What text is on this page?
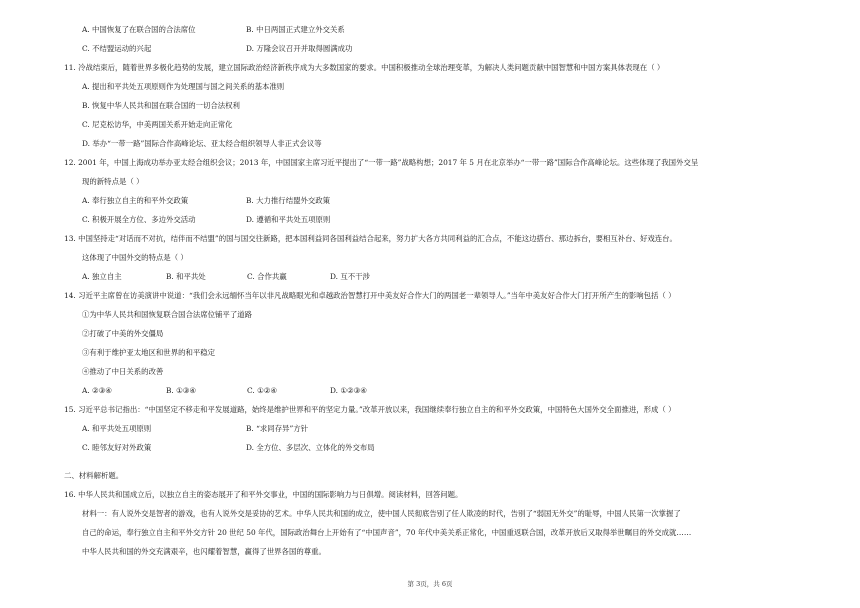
A. 中国恢复了在联合国的合法席位	B. 中日两国正式建立外交关系
C. 不结盟运动的兴起	D. 万隆会议召开并取得圆满成功
11. 冷战结束后，随着世界多极化趋势的发展，建立国际政治经济新秩序成为大多数国家的要求。中国积极推动全球治理变革，为解决人类问题贡献中国智慧和中国方案具体表现在（ ）
A. 提出和平共处五项原则作为处理国与国之间关系的基本准则
B. 恢复中华人民共和国在联合国的一切合法权利
C. 尼克松访华，中美两国关系开始走向正常化
D. 举办“一带一路”国际合作高峰论坛、亚太经合组织领导人非正式会议等
12. 2001 年，中国上海成功举办亚太经合组织会议；2013 年，中国国家主席习近平提出了“一带一路”战略构想；2017 年 5 月在北京举办“一带一路”国际合作高峰论坛。这些体现了我国外交呈
现的新特点是（ ）
A. 奉行独立自主的和平外交政策	B. 大力推行结盟外交政策
C. 积极开展全方位、多边外交活动	D. 遵循和平共处五项原则
13. 中国坚持走“对话而不对抗，结伴而不结盟”的国与国交往新路，把本国利益同各国利益结合起来，努力扩大各方共同利益的汇合点，不能这边搭台、那边拆台，要相互补台、好戏连台。
这体现了中国外交的特点是（ ）
A. 独立自主	B. 和平共处	C. 合作共赢	D. 互不干涉
14. 习近平主席曾在访美演讲中说道：“我们会永远缅怀当年以非凡战略眼光和卓越政治智慧打开中美友好合作大门的两国老一辈领导人。”当年中美友好合作大门打开所产生的影响包括（ ）
①为中华人民共和国恢复联合国合法席位铺平了道路
②打破了中美的外交僵局
③有利于维护亚太地区和世界的和平稳定
④推动了中日关系的改善
A. ②③④	B. ①③④	C. ①②④	D. ①②③④
15. 习近平总书记指出：“中国坚定不移走和平发展道路，始终是维护世界和平的坚定力量。”改革开放以来，我国继续奉行独立自主的和平外交政策，中国特色大国外交全面推进，形成（ ）
A. 和平共处五项原则	B. “求同存异”方针
C. 睦邻友好对外政策	D. 全方位、多层次、立体化的外交布局
二、材料解析题。
16. 中华人民共和国成立后，以独立自主的姿态展开了和平外交事业，中国的国际影响力与日俱增。阅读材料，回答问题。
材料一：有人说外交是智者的游戏，也有人说外交是妥协的艺术。中华人民共和国的成立，使中国人民彻底告别了任人欺凌的时代，告别了“弱国无外交”的耻辱，中国人民第一次掌握了
自己的命运，奉行独立自主和平外交方针 20 世纪 50 年代，国际政治舞台上开始有了“中国声音”，70 年代中美关系正常化，中国重返联合国，改革开放后又取得举世瞩目的外交成就……
中华人民共和国的外交充满艰辛，也闪耀着智慧，赢得了世界各国的尊重。
第 3页，共 6页
